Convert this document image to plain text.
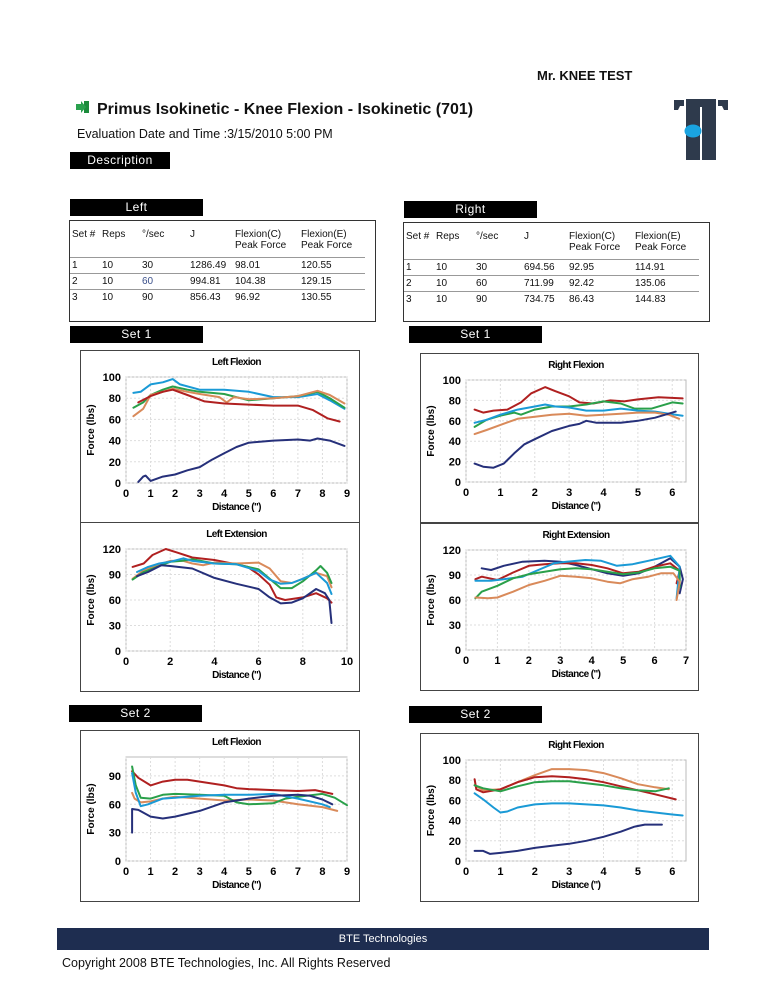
Mr. KNEE TEST
Primus Isokinetic - Knee Flexion - Isokinetic (701)
Evaluation Date and Time :3/15/2010 5:00 PM
Description
Left	Right
Set #	Reps	°/sec	J	Flexion(C) Peak Force	Flexion(E) Peak Force
1	10	30	1286.49	98.01	120.55
2	10	60	994.81	104.38	129.15
3	10	90	856.43	96.92	130.55
Set #	Reps	°/sec	J	Flexion(C) Peak Force	Flexion(E) Peak Force
1	10	30	694.56	92.95	114.91
2	10	60	711.99	92.42	135.06
3	10	90	734.75	86.43	144.83
Set 1	Set 1
Set 2	Set 2
Left Flexion
0 1 2 3 4 5 6 7 8 9
0
20
40
60
80
100
Distance (")
Force (lbs)
Right Flexion
0	1	2	3	4	5	6
0
20
40
60
80
100
Distance (")
Force (lbs)
Left Extension
0	2	4	6	8	10
0
30
60
90
120
Distance (")
Force (lbs)
Right Extension
0 1 2 3 4 5 6 7
0
30
60
90
120
Distance (")
Force (lbs)
Left Flexion
0 1 2 3 4 5 6 7 8 9
0
30
60
90
Distance (")
Force (lbs)
Right Flexion
0	1	2	3	4	5	6
0
20
40
60
80
100
Distance (")
Force (lbs)
BTE Technologies
Copyright 2008 BTE Technologies, Inc. All Rights Reserved
